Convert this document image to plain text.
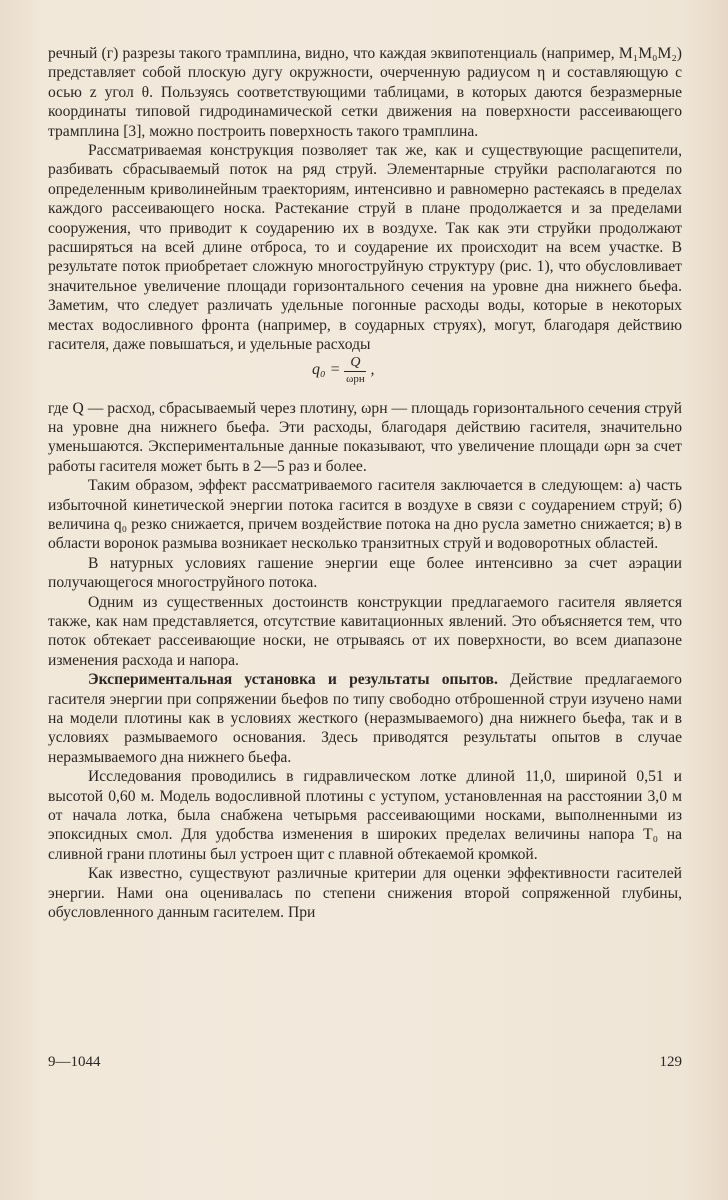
речный (г) разрезы такого трамплина, видно, что каждая эквипотенциаль (например, M₁M₀M₂) представляет собой плоскую дугу окружности, очерченную радиусом η и составляющую с осью z угол θ. Пользуясь соответствующими таблицами, в которых даются безразмерные координаты типовой гидродинамической сетки движения на поверхности рассеивающего трамплина [3], можно построить поверхность такого трамплина.

Рассматриваемая конструкция позволяет так же, как и существующие расщепители, разбивать сбрасываемый поток на ряд струй. Элементарные струйки располагаются по определенным криволинейным траекториям, интенсивно и равномерно растекаясь в пределах каждого рассеивающего носка. Растекание струй в плане продолжается и за пределами сооружения, что приводит к соударению их в воздухе. Так как эти струйки продолжают расширяться на всей длине отброса, то и соударение их происходит на всем участке. В результате поток приобретает сложную многоструйную структуру (рис. 1), что обусловливает значительное увеличение площади горизонтального сечения на уровне дна нижнего бьефа. Заметим, что следует различать удельные погонные расходы воды, которые в некоторых местах водосливного фронта (например, в соударных струях), могут, благодаря действию гасителя, даже повышаться, и удельные расходы

$q_0 = \frac{Q}{\text{ωрн}}$ ,

где Q — расход, сбрасываемый через плотину, ωрн — площадь горизонтального сечения струй на уровне дна нижнего бьефа. Эти расходы, благодаря действию гасителя, значительно уменьшаются. Экспериментальные данные показывают, что увеличение площади ωрн за счет работы гасителя может быть в 2—5 раз и более.

Таким образом, эффект рассматриваемого гасителя заключается в следующем: а) часть избыточной кинетической энергии потока гасится в воздухе в связи с соударением струй; б) величина q₀ резко снижается, причем воздействие потока на дно русла заметно снижается; в) в области воронок размыва возникает несколько транзитных струй и водоворотных областей.

В натурных условиях гашение энергии еще более интенсивно за счет аэрации получающегося многоструйного потока.

Одним из существенных достоинств конструкции предлагаемого гасителя является также, как нам представляется, отсутствие кавитационных явлений. Это объясняется тем, что поток обтекает рассеивающие носки, не отрываясь от их поверхности, во всем диапазоне изменения расхода и напора.

Экспериментальная установка и результаты опытов. Действие предлагаемого гасителя энергии при сопряжении бьефов по типу свободно отброшенной струи изучено нами на модели плотины как в условиях жесткого (неразмываемого) дна нижнего бьефа, так и в условиях размываемого основания. Здесь приводятся результаты опытов в случае неразмываемого дна нижнего бьефа.

Исследования проводились в гидравлическом лотке длиной 11,0, шириной 0,51 и высотой 0,60 м. Модель водосливной плотины с уступом, установленная на расстоянии 3,0 м от начала лотка, была снабжена четырьмя рассеивающими носками, выполненными из эпоксидных смол. Для удобства изменения в широких пределах величины напора T₀ на сливной грани плотины был устроен щит с плавной обтекаемой кромкой.

Как известно, существуют различные критерии для оценки эффективности гасителей энергии. Нами она оценивалась по степени снижения второй сопряженной глубины, обусловленного данным гасителем. При

9—1044	129
